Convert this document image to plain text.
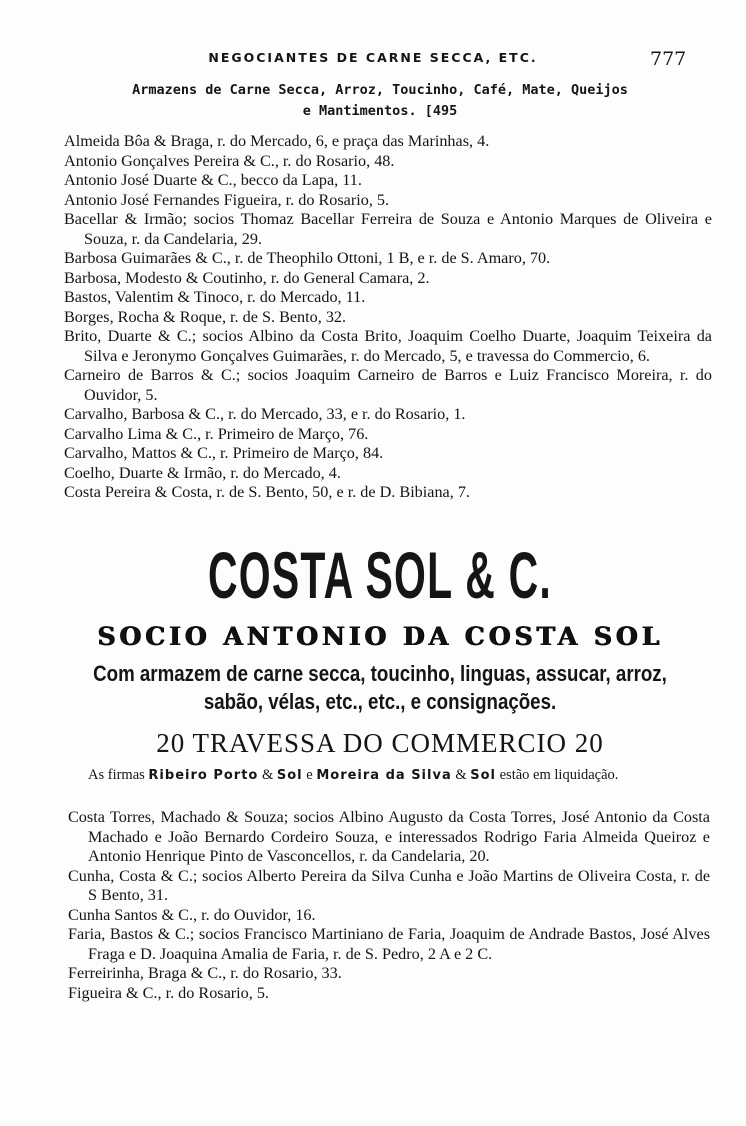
NEGOCIANTES DE CARNE SECCA, ETC.	777
Armazens de Carne Secca, Arroz, Toucinho, Café, Mate, Queijos
e Mantimentos. [495
Almeida Bôa & Braga, r. do Mercado, 6, e praça das Marinhas, 4.
Antonio Gonçalves Pereira & C., r. do Rosario, 48.
Antonio José Duarte & C., becco da Lapa, 11.
Antonio José Fernandes Figueira, r. do Rosario, 5.
Bacellar & Irmão; socios Thomaz Bacellar Ferreira de Souza e Antonio Marques de Oliveira e Souza, r. da Candelaria, 29.
Barbosa Guimarães & C., r. de Theophilo Ottoni, 1 B, e r. de S. Amaro, 70.
Barbosa, Modesto & Coutinho, r. do General Camara, 2.
Bastos, Valentim & Tinoco, r. do Mercado, 11.
Borges, Rocha & Roque, r. de S. Bento, 32.
Brito, Duarte & C.; socios Albino da Costa Brito, Joaquim Coelho Duarte, Joaquim Teixeira da Silva e Jeronymo Gonçalves Guimarães, r. do Mercado, 5, e travessa do Commercio, 6.
Carneiro de Barros & C.; socios Joaquim Carneiro de Barros e Luiz Francisco Moreira, r. do Ouvidor, 5.
Carvalho, Barbosa & C., r. do Mercado, 33, e r. do Rosario, 1.
Carvalho Lima & C., r. Primeiro de Março, 76.
Carvalho, Mattos & C., r. Primeiro de Março, 84.
Coelho, Duarte & Irmão, r. do Mercado, 4.
Costa Pereira & Costa, r. de S. Bento, 50, e r. de D. Bibiana, 7.
COSTA SOL & C.
SOCIO ANTONIO DA COSTA SOL
Com armazem de carne secca, toucinho, linguas, assucar, arroz,
sabão, vélas, etc., etc., e consignações.
20 TRAVESSA DO COMMERCIO 20
As firmas Ribeiro Porto & Sol e Moreira da Silva & Sol estão em liquidação.
Costa Torres, Machado & Souza; socios Albino Augusto da Costa Torres, José Antonio da Costa Machado e João Bernardo Cordeiro Souza, e interessados Rodrigo Faria Almeida Queiroz e Antonio Henrique Pinto de Vasconcellos, r. da Candelaria, 20.
Cunha, Costa & C.; socios Alberto Pereira da Silva Cunha e João Martins de Oliveira Costa, r. de S Bento, 31.
Cunha Santos & C., r. do Ouvidor, 16.
Faria, Bastos & C.; socios Francisco Martiniano de Faria, Joaquim de Andrade Bastos, José Alves Fraga e D. Joaquina Amalia de Faria, r. de S. Pedro, 2 A e 2 C.
Ferreirinha, Braga & C., r. do Rosario, 33.
Figueira & C., r. do Rosario, 5.
